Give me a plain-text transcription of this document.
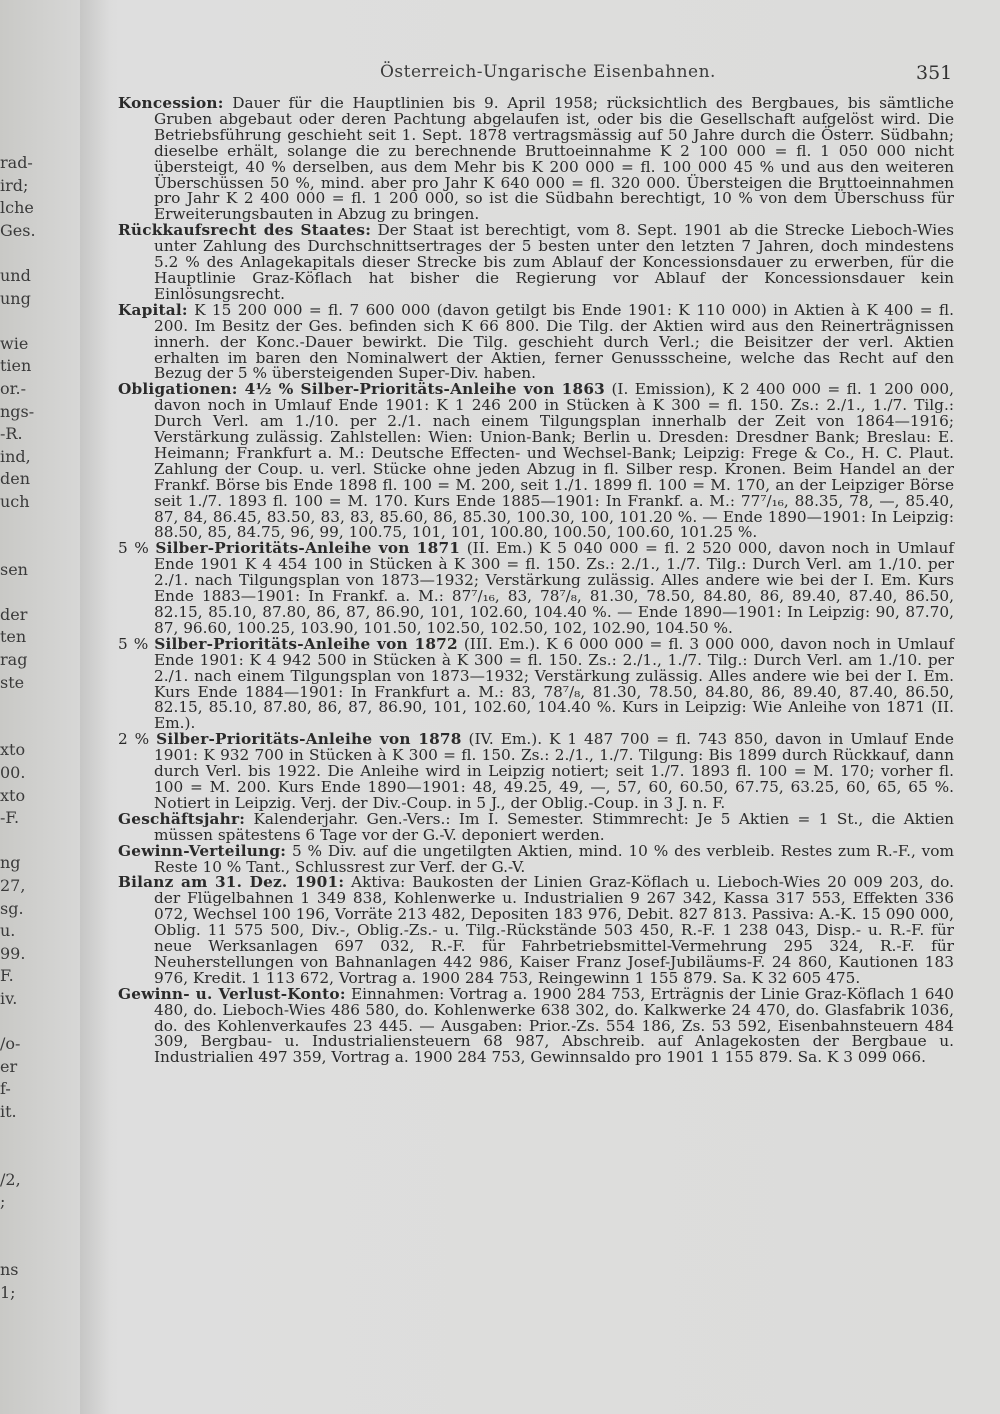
rad-
ird;
lche
Ges.
und
ung
wie
tien
or.-
ngs-
-R.
ind,
den
uch
sen
der
ten
rag
ste
xto
00.
xto
-F.
ng
27,
sg.
u.
99.
F.
iv.
/o-
er
f-
it.
/2,
;
ns
1;
Österreich-Ungarische Eisenbahnen.	351

Koncession: Dauer für die Hauptlinien bis 9. April 1958; rücksichtlich des Bergbaues, bis sämtliche Gruben abgebaut oder deren Pachtung abgelaufen ist, oder bis die Gesellschaft aufgelöst wird. Die Betriebsführung geschieht seit 1. Sept. 1878 vertragsmässig auf 50 Jahre durch die Österr. Südbahn; dieselbe erhält, solange die zu berechnende Bruttoeinnahme K 2 100 000 = fl. 1 050 000 nicht übersteigt, 40 % derselben, aus dem Mehr bis K 200 000 = fl. 100 000 45 % und aus den weiteren Überschüssen 50 %, mind. aber pro Jahr K 640 000 = fl. 320 000. Übersteigen die Bruttoeinnahmen pro Jahr K 2 400 000 = fl. 1 200 000, so ist die Südbahn berechtigt, 10 % von dem Überschuss für Erweiterungsbauten in Abzug zu bringen.

Rückkaufsrecht des Staates: Der Staat ist berechtigt, vom 8. Sept. 1901 ab die Strecke Lieboch-Wies unter Zahlung des Durchschnittsertrages der 5 besten unter den letzten 7 Jahren, doch mindestens 5.2 % des Anlagekapitals dieser Strecke bis zum Ablauf der Koncessionsdauer zu erwerben, für die Hauptlinie Graz-Köflach hat bisher die Regierung vor Ablauf der Koncessionsdauer kein Einlösungsrecht.

Kapital: K 15 200 000 = fl. 7 600 000 (davon getilgt bis Ende 1901: K 110 000) in Aktien à K 400 = fl. 200. Im Besitz der Ges. befinden sich K 66 800. Die Tilg. der Aktien wird aus den Reinerträgnissen innerh. der Konc.-Dauer bewirkt. Die Tilg. geschieht durch Verl.; die Beisitzer der verl. Aktien erhalten im baren den Nominalwert der Aktien, ferner Genussscheine, welche das Recht auf den Bezug der 5 % übersteigenden Super-Div. haben.

Obligationen: 4½ % Silber-Prioritäts-Anleihe von 1863 (I. Emission), K 2 400 000 = fl. 1 200 000, davon noch in Umlauf Ende 1901: K 1 246 200 in Stücken à K 300 = fl. 150. Zs.: 2./1., 1./7. Tilg.: Durch Verl. am 1./10. per 2./1. nach einem Tilgungsplan innerhalb der Zeit von 1864—1916; Verstärkung zulässig. Zahlstellen: Wien: Union-Bank; Berlin u. Dresden: Dresdner Bank; Breslau: E. Heimann; Frankfurt a. M.: Deutsche Effecten- und Wechsel-Bank; Leipzig: Frege & Co., H. C. Plaut. Zahlung der Coup. u. verl. Stücke ohne jeden Abzug in fl. Silber resp. Kronen. Beim Handel an der Frankf. Börse bis Ende 1898 fl. 100 = M. 200, seit 1./1. 1899 fl. 100 = M. 170, an der Leipziger Börse seit 1./7. 1893 fl. 100 = M. 170. Kurs Ende 1885—1901: In Frankf. a. M.: 77⁷/₁₆, 88.35, 78, —, 85.40, 87, 84, 86.45, 83.50, 83, 83, 85.60, 86, 85.30, 100.30, 100, 101.20 %. — Ende 1890—1901: In Leipzig: 88.50, 85, 84.75, 96, 99, 100.75, 101, 101, 100.80, 100.50, 100.60, 101.25 %.

5 % Silber-Prioritäts-Anleihe von 1871 (II. Em.) K 5 040 000 = fl. 2 520 000, davon noch in Umlauf Ende 1901 K 4 454 100 in Stücken à K 300 = fl. 150. Zs.: 2./1., 1./7. Tilg.: Durch Verl. am 1./10. per 2./1. nach Tilgungsplan von 1873—1932; Verstärkung zulässig. Alles andere wie bei der I. Em. Kurs Ende 1883—1901: In Frankf. a. M.: 87⁷/₁₆, 83, 78⁷/₈, 81.30, 78.50, 84.80, 86, 89.40, 87.40, 86.50, 82.15, 85.10, 87.80, 86, 87, 86.90, 101, 102.60, 104.40 %. — Ende 1890—1901: In Leipzig: 90, 87.70, 87, 96.60, 100.25, 103.90, 101.50, 102.50, 102.50, 102, 102.90, 104.50 %.

5 % Silber-Prioritäts-Anleihe von 1872 (III. Em.). K 6 000 000 = fl. 3 000 000, davon noch in Umlauf Ende 1901: K 4 942 500 in Stücken à K 300 = fl. 150. Zs.: 2./1., 1./7. Tilg.: Durch Verl. am 1./10. per 2./1. nach einem Tilgungsplan von 1873—1932; Verstärkung zulässig. Alles andere wie bei der I. Em. Kurs Ende 1884—1901: In Frankfurt a. M.: 83, 78⁷/₈, 81.30, 78.50, 84.80, 86, 89.40, 87.40, 86.50, 82.15, 85.10, 87.80, 86, 87, 86.90, 101, 102.60, 104.40 %. Kurs in Leipzig: Wie Anleihe von 1871 (II. Em.).

2 % Silber-Prioritäts-Anleihe von 1878 (IV. Em.). K 1 487 700 = fl. 743 850, davon in Umlauf Ende 1901: K 932 700 in Stücken à K 300 = fl. 150. Zs.: 2./1., 1./7. Tilgung: Bis 1899 durch Rückkauf, dann durch Verl. bis 1922. Die Anleihe wird in Leipzig notiert; seit 1./7. 1893 fl. 100 = M. 170; vorher fl. 100 = M. 200. Kurs Ende 1890—1901: 48, 49.25, 49, —, 57, 60, 60.50, 67.75, 63.25, 60, 65, 65 %. Notiert in Leipzig. Verj. der Div.-Coup. in 5 J., der Oblig.-Coup. in 3 J. n. F.

Geschäftsjahr: Kalenderjahr. Gen.-Vers.: Im I. Semester. Stimmrecht: Je 5 Aktien = 1 St., die Aktien müssen spätestens 6 Tage vor der G.-V. deponiert werden.

Gewinn-Verteilung: 5 % Div. auf die ungetilgten Aktien, mind. 10 % des verbleib. Restes zum R.-F., vom Reste 10 % Tant., Schlussrest zur Verf. der G.-V.

Bilanz am 31. Dez. 1901: Aktiva: Baukosten der Linien Graz-Köflach u. Lieboch-Wies 20 009 203, do. der Flügelbahnen 1 349 838, Kohlenwerke u. Industrialien 9 267 342, Kassa 317 553, Effekten 336 072, Wechsel 100 196, Vorräte 213 482, Depositen 183 976, Debit. 827 813. Passiva: A.-K. 15 090 000, Oblig. 11 575 500, Div.-, Oblig.-Zs.- u. Tilg.-Rückstände 503 450, R.-F. 1 238 043, Disp.- u. R.-F. für neue Werksanlagen 697 032, R.-F. für Fahrbetriebsmittel-Vermehrung 295 324, R.-F. für Neuherstellungen von Bahnanlagen 442 986, Kaiser Franz Josef-Jubiläums-F. 24 860, Kautionen 183 976, Kredit. 1 113 672, Vortrag a. 1900 284 753, Reingewinn 1 155 879. Sa. K 32 605 475.

Gewinn- u. Verlust-Konto: Einnahmen: Vortrag a. 1900 284 753, Erträgnis der Linie Graz-Köflach 1 640 480, do. Lieboch-Wies 486 580, do. Kohlenwerke 638 302, do. Kalkwerke 24 470, do. Glasfabrik 1036, do. des Kohlenverkaufes 23 445. — Ausgaben: Prior.-Zs. 554 186, Zs. 53 592, Eisenbahnsteuern 484 309, Bergbau- u. Industrialiensteuern 68 987, Abschreib. auf Anlagekosten der Bergbaue u. Industrialien 497 359, Vortrag a. 1900 284 753, Gewinnsaldo pro 1901 1 155 879. Sa. K 3 099 066.
